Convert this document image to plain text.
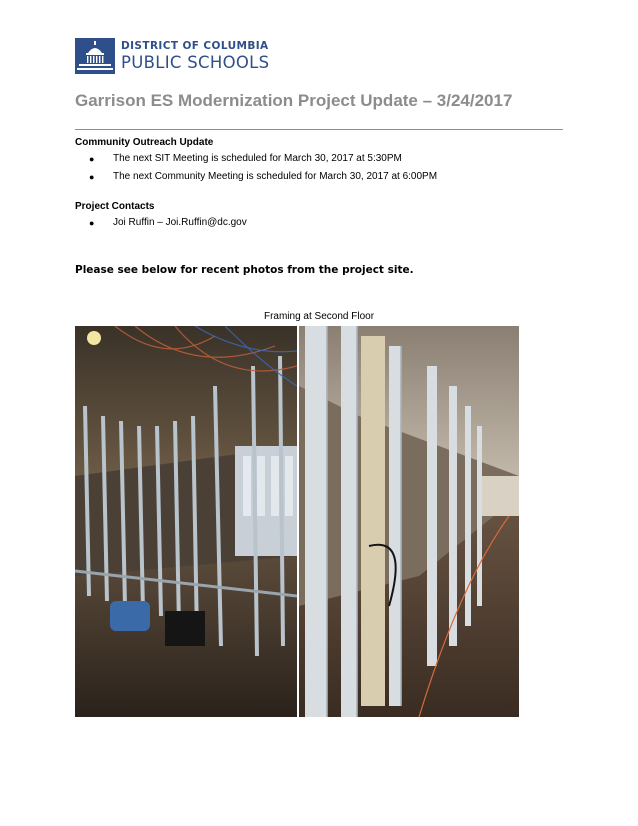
DISTRICT OF COLUMBIA
PUBLIC SCHOOLS
Garrison ES Modernization Project Update – 3/24/2017
Community Outreach Update
● The next SIT Meeting is scheduled for March 30, 2017 at 5:30PM
● The next Community Meeting is scheduled for March 30, 2017 at 6:00PM
Project Contacts
● Joi Ruffin – Joi.Ruffin@dc.gov
Please see below for recent photos from the project site.
Framing at Second Floor
